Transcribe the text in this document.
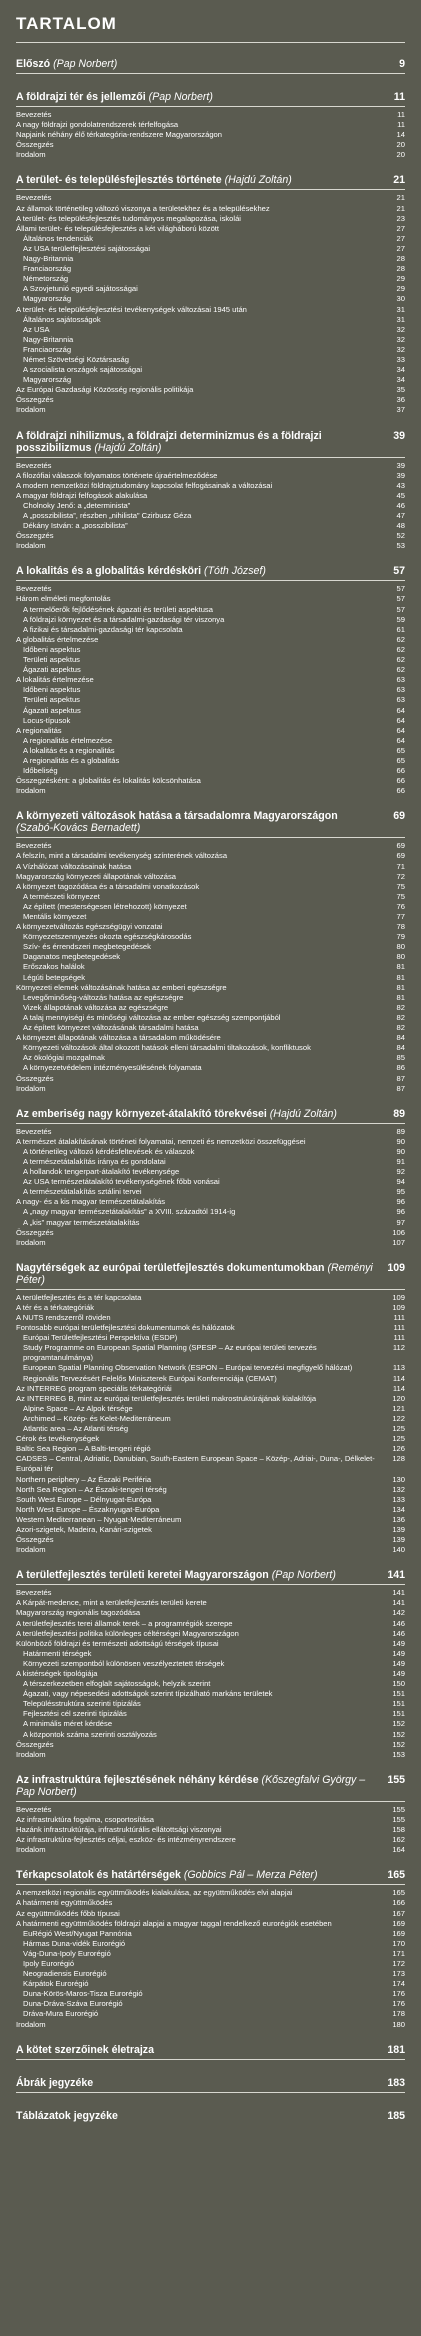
TARTALOM
Előszó (Pap Norbert)	9
A földrajzi tér és jellemzői (Pap Norbert)	11
Bevezetés	11
A nagy földrajzi gondolatrendszerek térfelfogása	11
Napjaink néhány élő térkategória-rendszere Magyarországon	14
Összegzés	20
Irodalom	20
A terület- és településfejlesztés története (Hajdú Zoltán)	21
Bevezetés	21
Az államok történetileg változó viszonya a területekhez és a településekhez	21
A terület- és településfejlesztés tudományos megalapozása, iskolái	23
Állami terület- és településfejlesztés a két világháború között	27
Általános tendenciák	27
Az USA területfejlesztési sajátosságai	27
Nagy-Britannia	28
Franciaország	28
Németország	29
A Szovjetunió egyedi sajátosságai	29
Magyarország	30
A terület- és településfejlesztési tevékenységek változásai 1945 után	31
Általános sajátosságok	31
Az USA	32
Nagy-Britannia	32
Franciaország	32
Német Szövetségi Köztársaság	33
A szocialista országok sajátosságai	34
Magyarország	34
Az Európai Gazdasági Közösség regionális politikája	35
Összegzés	36
Irodalom	37
A földrajzi nihilizmus, a földrajzi determinizmus és a földrajzi posszibilizmus (Hajdú Zoltán)
39
Bevezetés	39
A filozófiai válaszok folyamatos története újraértelmeződése	39
A modern nemzetközi földrajztudomány kapcsolat felfogásainak a változásai	43
A magyar földrajzi felfogások alakulása	45
Cholnoky Jenő: a „determinista”	46
A „posszibilista”, részben „nihilista” Czirbusz Géza	47
Dékány István: a „posszibilista”	48
Összegzés	52
Irodalom	53
A lokalitás és a globalitás kérdésköri (Tóth József)	57
Bevezetés	57
Három elméleti megfontolás	57
A termelőerők fejlődésének ágazati és területi aspektusa	57
A földrajzi környezet és a társadalmi-gazdasági tér viszonya	59
A fizikai és társadalmi-gazdasági tér kapcsolata	61
A globalitás értelmezése	62
Időbeni aspektus	62
Területi aspektus	62
Ágazati aspektus	62
A lokalitás értelmezése	63
Időbeni aspektus	63
Területi aspektus	63
Ágazati aspektus	64
Locus-típusok	64
A regionalitás	64
A regionalitás értelmezése	64
A lokalitás és a regionalitás	65
A regionalitás és a globalitás	65
Időbeliség	66
Összegzésként: a globalitás és lokalitás kölcsönhatása	66
Irodalom	66
A környezeti változások hatása a társadalomra Magyarországon (Szabó-Kovács Bernadett)
69
Bevezetés	69
A felszín, mint a társadalmi tevékenység színterének változása	69
A Vízhálózat változásainak hatása	71
Magyarország környezeti állapotának változása	72
A környezet tagozódása és a társadalmi vonatkozások	75
A természeti környezet	75
Az épített (mesterségesen létrehozott) környezet	76
Mentális környezet	77
A környezetváltozás egészségügyi vonzatai	78
Környezetszennyezés okozta egészségkárosodás	79
Szív- és érrendszeri megbetegedések	80
Daganatos megbetegedések	80
Erőszakos halálok	81
Légúti betegségek	81
Környezeti elemek változásának hatása az emberi egészségre	81
Levegőminőség-változás hatása az egészségre	81
Vizek állapotának változása az egészségre	82
A talaj mennyiségi és minőségi változása az ember egészség szempontjából	82
Az épített környezet változásának társadalmi hatása	82
A környezet állapotának változása a társadalom működésére	84
Környezeti változások által okozott hatások elleni társadalmi tiltakozások, konfliktusok	84
Az ökológiai mozgalmak	85
A környezetvédelem intézményesülésének folyamata	86
Összegzés	87
Irodalom	87
Az emberiség nagy környezet-átalakító törekvései (Hajdú Zoltán)	89
Bevezetés	89
A természet átalakításának történeti folyamatai, nemzeti és nemzetközi összefüggései	90
A történetileg változó kérdésfeltevések és válaszok	90
A természetátalakítás iránya és gondolatai	91
A hollandok tengerpart-átalakító tevékenysége	92
Az USA természetátalakító tevékenységének főbb vonásai	94
A természetátalakítás sztálini tervei	95
A nagy- és a kis magyar természetátalakítás	96
A „nagy magyar természetátalakítás” a XVIII. századtól 1914-ig	96
A „kis” magyar természetátalakítás	97
Összegzés	106
Irodalom	107
Nagytérségek az európai területfejlesztés dokumentumokban (Reményi Péter)
109
A területfejlesztés és a tér kapcsolata	109
A tér és a térkategóriák	109
A NUTS rendszerről röviden	111
Fontosabb európai területfejlesztési dokumentumok és hálózatok	111
Európai Területfejlesztési Perspektíva (ESDP)	111
Study Programme on European Spatial Planning (SPESP – Az európai területi tervezés programtanulmánya)
112
European Spatial Planning Observation Network (ESPON – Európai tervezési megfigyelő hálózat)	113
Regionális Tervezésért Felelős Miniszterek Európai Konferenciája (CEMAT)	114
Az INTERREG program speciális térkategóriái	114
Az INTERREG B, mint az európai területfejlesztés területi makrostruktúrájának kialakítója	120
Alpine Space – Az Alpok térsége	121
Archimed – Közép- és Kelet-Mediterráneum	122
Atlantic area – Az Atlanti térség	125
Cérok és tevékenységek	125
Baltic Sea Region – A Balti-tengeri régió	126
CADSES – Central, Adriatic, Danubian, South-Eastern European Space – Közép-, Adriai-, Duna-, Délkelet-Európai tér
128
Northern periphery – Az Északi Periféria	130
North Sea Region – Az Északi-tengeri térség	132
South West Europe – Délnyugat-Európa	133
North West Europe – Északnyugat-Európa	134
Western Mediterranean – Nyugat-Mediterráneum	136
Azori-szigetek, Madeira, Kanári-szigetek	139
Összegzés	139
Irodalom	140
A területfejlesztés területi keretei Magyarországon (Pap Norbert)	141
Bevezetés	141
A Kárpát-medence, mint a területfejlesztés területi kerete	141
Magyarország regionális tagozódása	142
A területfejlesztés terei államok terek – a programrégiók szerepe	146
A területfejlesztési politika különleges céltérségei Magyarországon	146
Különböző földrajzi és természeti adottságú térségek típusai	149
Határmenti térségek	149
Környezeti szempontból különösen veszélyeztetett térségek	149
A kistérségek tipológiája	149
A térszerkezetben elfoglalt sajátosságok, helyzik szerint	150
Ágazati, vagy népesedési adottságok szerint típizálható markáns területek	151
Településstruktúra szerinti típizálás	151
Fejlesztési cél szerinti típizálás	151
A minimális méret kérdése	152
A központok száma szerinti osztályozás	152
Összegzés	152
Irodalom	153
Az infrastruktúra fejlesztésének néhány kérdése (Kőszegfalvi György – Pap Norbert)
155
Bevezetés	155
Az infrastruktúra fogalma, csoportosítása	155
Hazánk infrastruktúrája, infrastruktúrális ellátottsági viszonyai	158
Az infrastruktúra-fejlesztés céljai, eszköz- és intézményrendszere	162
Irodalom	164
Térkapcsolatok és határtérségek (Gobbics Pál – Merza Péter)	165
A nemzetközi regionális együttműködés kialakulása, az együttműködés elvi alapjai	165
A határmenti együttműködés	166
Az együttműködés főbb típusai	167
A határmenti együttműködés földrajzi alapjai a magyar taggal rendelkező eurorégiók esetében	169
EuRégió West/Nyugat Pannónia	169
Hármas Duna-vidék Eurorégió	170
Vág-Duna-Ipoly Eurorégió	171
Ipoly Eurorégió	172
Neogradiensis Eurorégió	173
Kárpátok Eurorégió	174
Duna-Körös-Maros-Tisza Eurorégió	176
Duna-Dráva-Száva Eurorégió	176
Dráva-Mura Eurorégió	178
Irodalom	180
A kötet szerzőinek életrajza	181
Ábrák jegyzéke	183
Táblázatok jegyzéke	185
